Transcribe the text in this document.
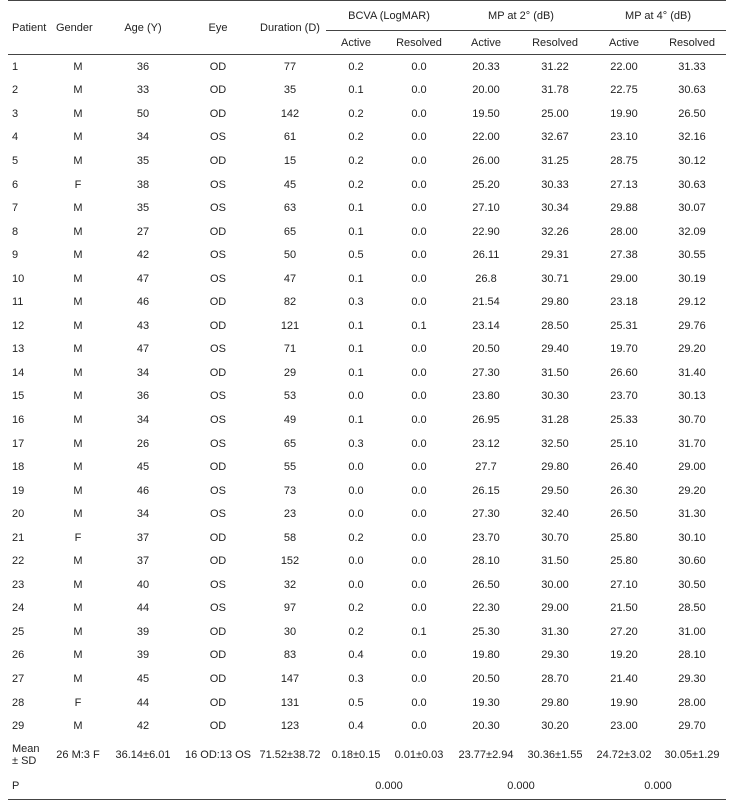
Patient	Gender	Age (Y)	Eye	Duration (D)	BCVA (LogMAR)		MP at 2° (dB)		MP at 4° (dB)	
					Active	Resolved	Active	Resolved	Active	Resolved
1	M	36	OD	77	0.2	0.0	20.33	31.22	22.00	31.33
2	M	33	OD	35	0.1	0.0	20.00	31.78	22.75	30.63
3	M	50	OD	142	0.2	0.0	19.50	25.00	19.90	26.50
4	M	34	OS	61	0.2	0.0	22.00	32.67	23.10	32.16
5	M	35	OD	15	0.2	0.0	26.00	31.25	28.75	30.12
6	F	38	OS	45	0.2	0.0	25.20	30.33	27.13	30.63
7	M	35	OS	63	0.1	0.0	27.10	30.34	29.88	30.07
8	M	27	OD	65	0.1	0.0	22.90	32.26	28.00	32.09
9	M	42	OS	50	0.5	0.0	26.11	29.31	27.38	30.55
10	M	47	OS	47	0.1	0.0	26.8	30.71	29.00	30.19
11	M	46	OD	82	0.3	0.0	21.54	29.80	23.18	29.12
12	M	43	OD	121	0.1	0.1	23.14	28.50	25.31	29.76
13	M	47	OS	71	0.1	0.0	20.50	29.40	19.70	29.20
14	M	34	OD	29	0.1	0.0	27.30	31.50	26.60	31.40
15	M	36	OS	53	0.0	0.0	23.80	30.30	23.70	30.13
16	M	34	OS	49	0.1	0.0	26.95	31.28	25.33	30.70
17	M	26	OS	65	0.3	0.0	23.12	32.50	25.10	31.70
18	M	45	OD	55	0.0	0.0	27.7	29.80	26.40	29.00
19	M	46	OS	73	0.0	0.0	26.15	29.50	26.30	29.20
20	M	34	OS	23	0.0	0.0	27.30	32.40	26.50	31.30
21	F	37	OD	58	0.2	0.0	23.70	30.70	25.80	30.10
22	M	37	OD	152	0.0	0.0	28.10	31.50	25.80	30.60
23	M	40	OS	32	0.0	0.0	26.50	30.00	27.10	30.50
24	M	44	OS	97	0.2	0.0	22.30	29.00	21.50	28.50
25	M	39	OD	30	0.2	0.1	25.30	31.30	27.20	31.00
26	M	39	OD	83	0.4	0.0	19.80	29.30	19.20	28.10
27	M	45	OD	147	0.3	0.0	20.50	28.70	21.40	29.30
28	F	44	OD	131	0.5	0.0	19.30	29.80	19.90	28.00
29	M	42	OD	123	0.4	0.0	20.30	30.20	23.00	29.70

Mean
± SD	26 M:3 F	36.14±6.01	16 OD:13 OS	71.52±38.72	0.18±0.15	0.01±0.03	23.77±2.94	30.36±1.55	24.72±3.02	30.05±1.29
P					0.000		0.000		0.000	
